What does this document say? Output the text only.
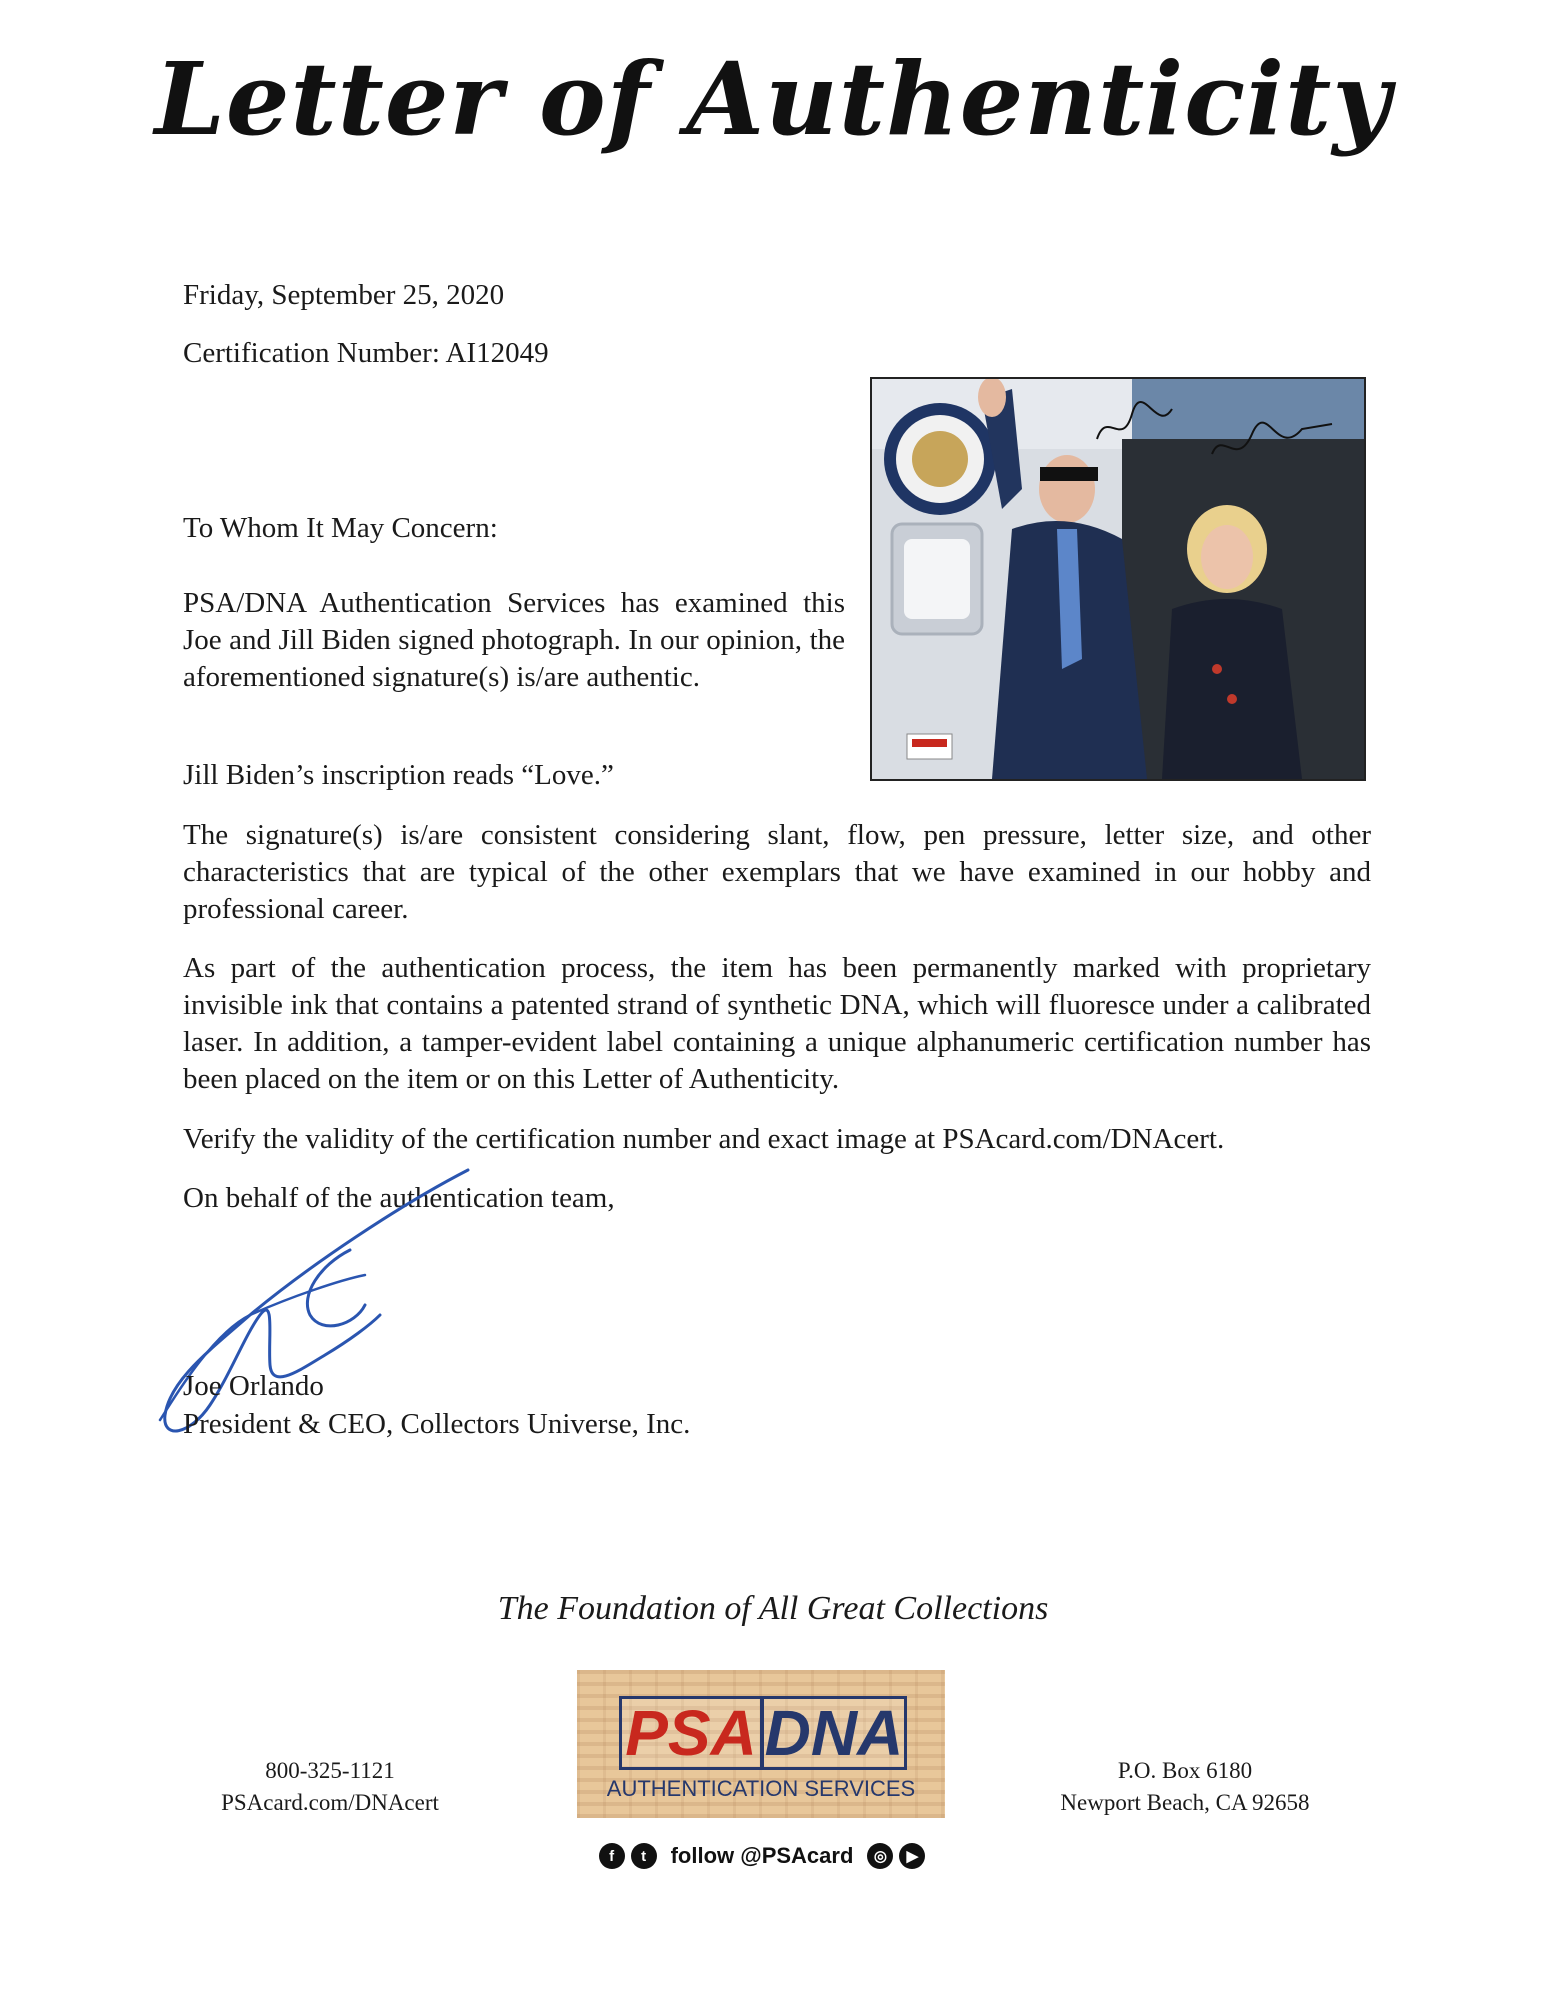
Letter of Authenticity
Friday, September 25, 2020
Certification Number: AI12049
To Whom It May Concern:

PSA/DNA Authentication Services has examined this Joe and Jill Biden signed photograph. In our opinion, the aforementioned signature(s) is/are authentic.

Jill Biden’s inscription reads “Love.”

The signature(s) is/are consistent considering slant, flow, pen pressure, letter size, and other characteristics that are typical of the other exemplars that we have examined in our hobby and professional career.

As part of the authentication process, the item has been permanently marked with proprietary invisible ink that contains a patented strand of synthetic DNA, which will fluoresce under a calibrated laser. In addition, a tamper-evident label containing a unique alphanumeric certification number has been placed on the item or on this Letter of Authenticity.

Verify the validity of the certification number and exact image at PSAcard.com/DNAcert.

On behalf of the authentication team,

Joe Orlando
President & CEO, Collectors Universe, Inc.
The Foundation of All Great Collections
800-325-1121
PSAcard.com/DNAcert
PSA DNA
AUTHENTICATION SERVICES
f	t	follow @PSAcard	◎	▶
P.O. Box 6180
Newport Beach, CA 92658
